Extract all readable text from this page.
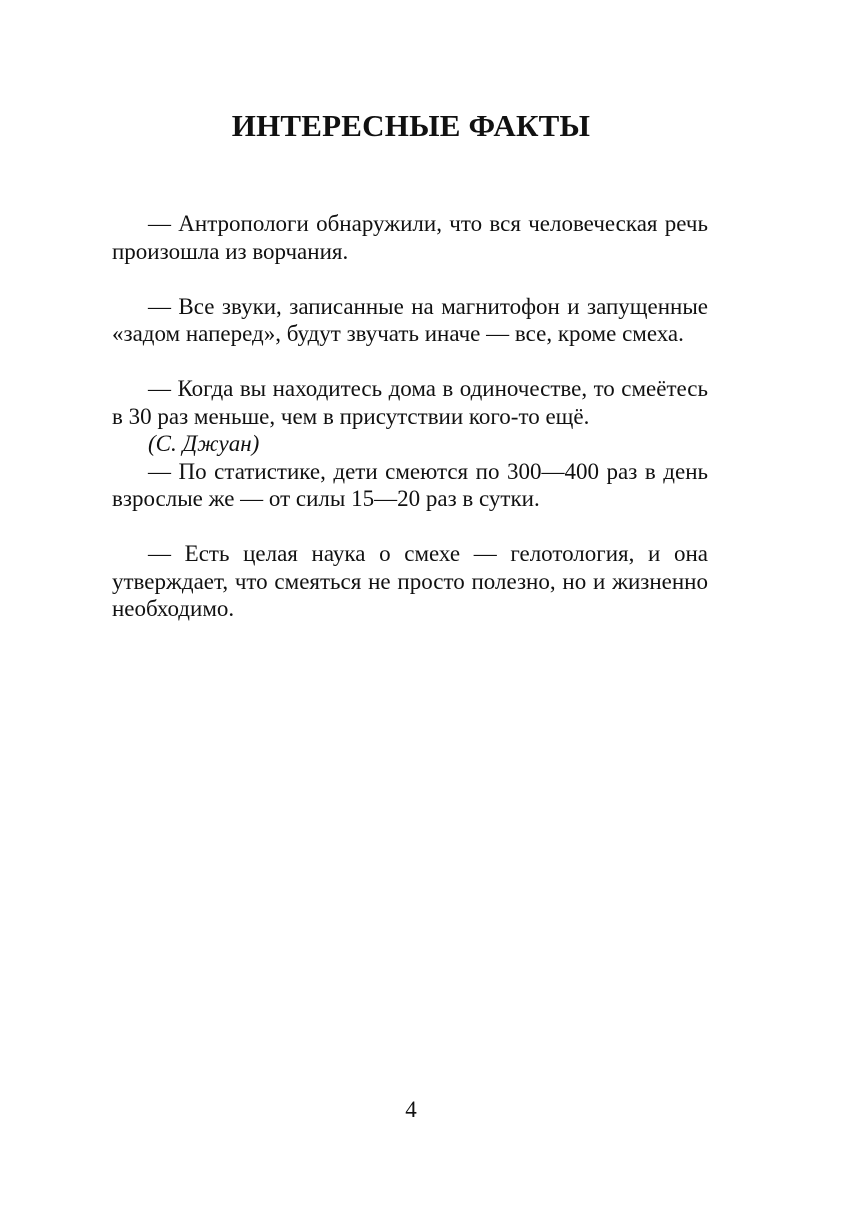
ИНТЕРЕСНЫЕ ФАКТЫ

— Антропологи обнаружили, что вся человеческая речь произошла из ворчания.

— Все звуки, записанные на магнитофон и запущенные «задом наперед», будут звучать иначе — все, кроме смеха.

— Когда вы находитесь дома в одиночестве, то смеётесь в 30 раз меньше, чем в присутствии кого-то ещё.

(С. Джуан)

— По статистике, дети смеются по 300—400 раз в день взрослые же — от силы 15—20 раз в сутки.

— Есть целая наука о смехе — гелотология, и она утверждает, что смеяться не просто полезно, но и жизненно необходимо.

4
